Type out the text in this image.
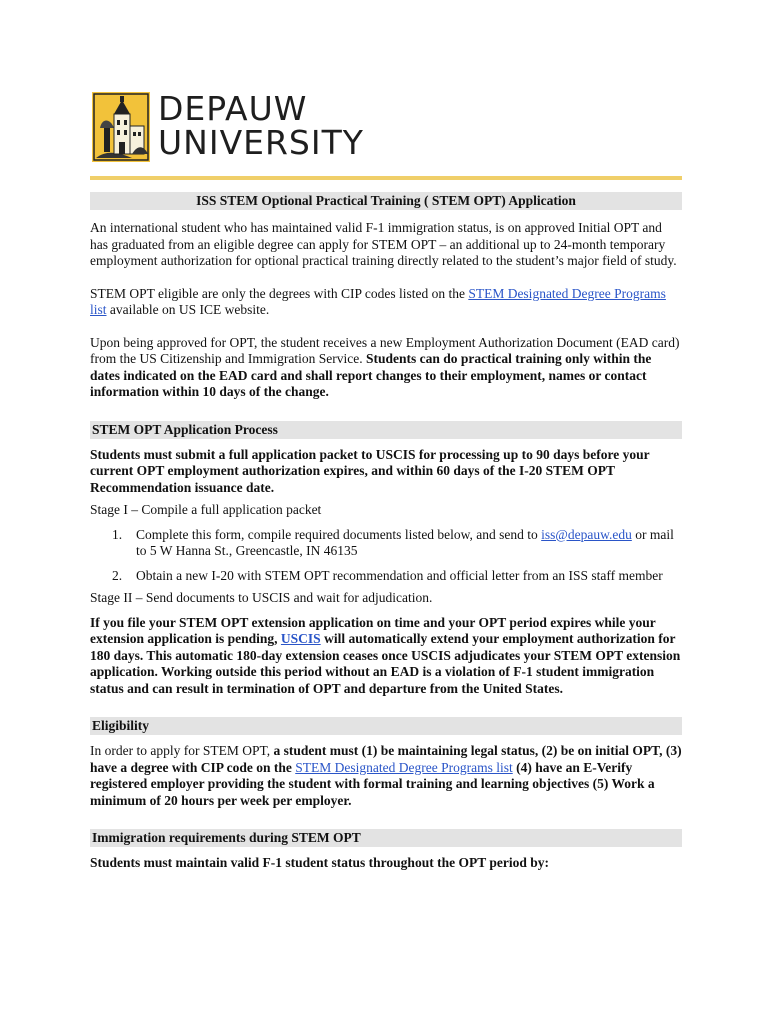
DEPAUW
UNIVERSITY
ISS STEM Optional Practical Training ( STEM OPT) Application

An international student who has maintained valid F-1 immigration status, is on approved Initial OPT and has graduated from an eligible degree can apply for STEM OPT – an additional up to 24-month temporary employment authorization for optional practical training directly related to the student’s major field of study.

STEM OPT eligible are only the degrees with CIP codes listed on the STEM Designated Degree Programs list available on US ICE website.

Upon being approved for OPT, the student receives a new Employment Authorization Document (EAD card) from the US Citizenship and Immigration Service. Students can do practical training only within the dates indicated on the EAD card and shall report changes to their employment, names or contact information within 10 days of the change.

STEM OPT Application Process

Students must submit a full application packet to USCIS for processing up to 90 days before your current OPT employment authorization expires, and within 60 days of the I-20 STEM OPT Recommendation issuance date.

Stage I – Compile a full application packet

1. Complete this form, compile required documents listed below, and send to iss@depauw.edu or mail to 5 W Hanna St., Greencastle, IN 46135
2. Obtain a new I-20 with STEM OPT recommendation and official letter from an ISS staff member

Stage II – Send documents to USCIS and wait for adjudication.

If you file your STEM OPT extension application on time and your OPT period expires while your extension application is pending, USCIS will automatically extend your employment authorization for 180 days. This automatic 180-day extension ceases once USCIS adjudicates your STEM OPT extension application. Working outside this period without an EAD is a violation of F-1 student immigration status and can result in termination of OPT and departure from the United States.

Eligibility

In order to apply for STEM OPT, a student must (1) be maintaining legal status, (2) be on initial OPT, (3) have a degree with CIP code on the STEM Designated Degree Programs list (4) have an E-Verify registered employer providing the student with formal training and learning objectives (5) Work a minimum of 20 hours per week per employer.

Immigration requirements during STEM OPT

Students must maintain valid F-1 student status throughout the OPT period by:
